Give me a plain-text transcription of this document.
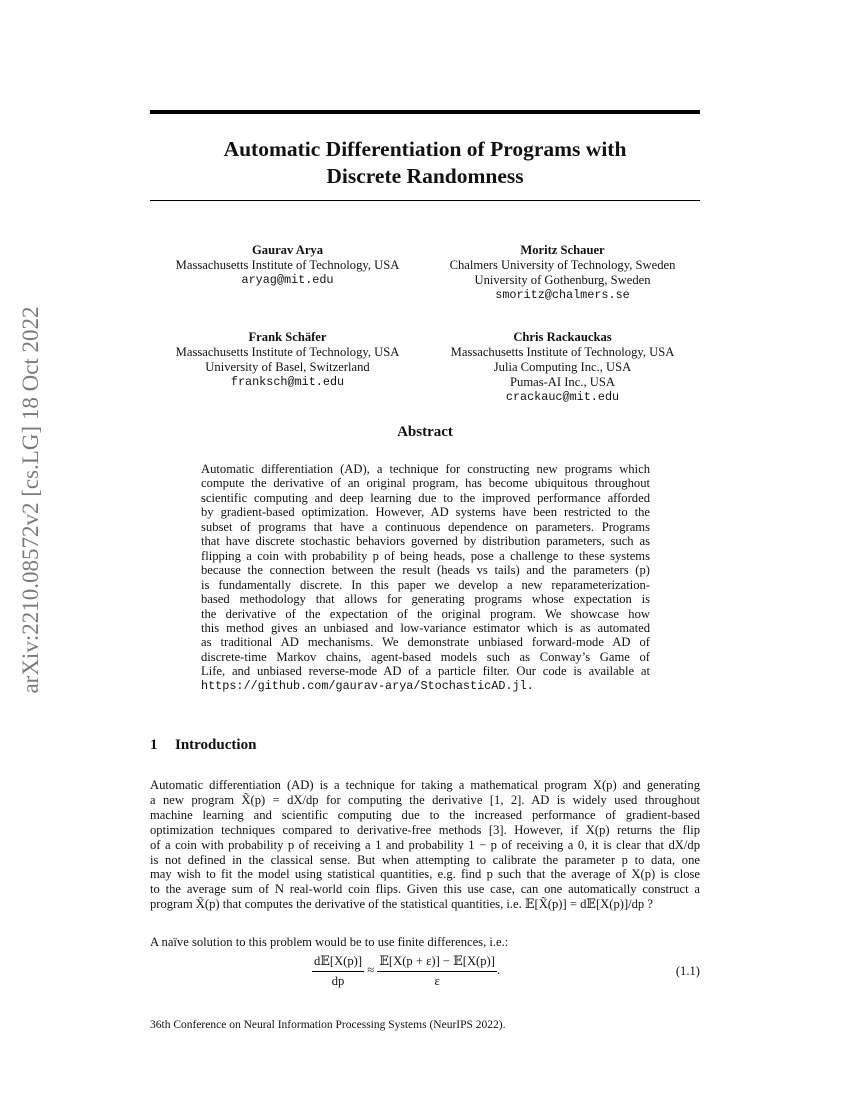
arXiv:2210.08572v2 [cs.LG] 18 Oct 2022
Automatic Differentiation of Programs with
Discrete Randomness
Gaurav Arya
Massachusetts Institute of Technology, USA
aryag@mit.edu
Moritz Schauer
Chalmers University of Technology, Sweden
University of Gothenburg, Sweden
smoritz@chalmers.se
Frank Schäfer
Massachusetts Institute of Technology, USA
University of Basel, Switzerland
franksch@mit.edu
Chris Rackauckas
Massachusetts Institute of Technology, USA
Julia Computing Inc., USA
Pumas-AI Inc., USA
crackauc@mit.edu
Abstract
Automatic differentiation (AD), a technique for constructing new programs which
compute the derivative of an original program, has become ubiquitous throughout
scientific computing and deep learning due to the improved performance afforded
by gradient-based optimization. However, AD systems have been restricted to the
subset of programs that have a continuous dependence on parameters. Programs
that have discrete stochastic behaviors governed by distribution parameters, such as
flipping a coin with probability p of being heads, pose a challenge to these systems
because the connection between the result (heads vs tails) and the parameters (p)
is fundamentally discrete. In this paper we develop a new reparameterization-
based methodology that allows for generating programs whose expectation is
the derivative of the expectation of the original program. We showcase how
this method gives an unbiased and low-variance estimator which is as automated
as traditional AD mechanisms. We demonstrate unbiased forward-mode AD of
discrete-time Markov chains, agent-based models such as Conway’s Game of
Life, and unbiased reverse-mode AD of a particle filter. Our code is available at
https://github.com/gaurav-arya/StochasticAD.jl.
1 Introduction
Automatic differentiation (AD) is a technique for taking a mathematical program X(p) and generating
a new program X̃(p) = dX/dp for computing the derivative [1, 2]. AD is widely used throughout
machine learning and scientific computing due to the increased performance of gradient-based
optimization techniques compared to derivative-free methods [3]. However, if X(p) returns the flip
of a coin with probability p of receiving a 1 and probability 1 − p of receiving a 0, it is clear that dX/dp
is not defined in the classical sense. But when attempting to calibrate the parameter p to data, one
may wish to fit the model using statistical quantities, e.g. find p such that the average of X(p) is close
to the average sum of N real-world coin flips. Given this use case, can one automatically construct a
program X̃(p) that computes the derivative of the statistical quantities, i.e. 𝔼[X̃(p)] = d𝔼[X(p)]/dp ?
A naïve solution to this problem would be to use finite differences, i.e.:
$\frac{\text{d𝔼[X(p)]}}{dp} \approx \frac{\text{𝔼[X(p + ε)] − 𝔼[X(p)]}}{\varepsilon}$ .	(1.1)
36th Conference on Neural Information Processing Systems (NeurIPS 2022).
